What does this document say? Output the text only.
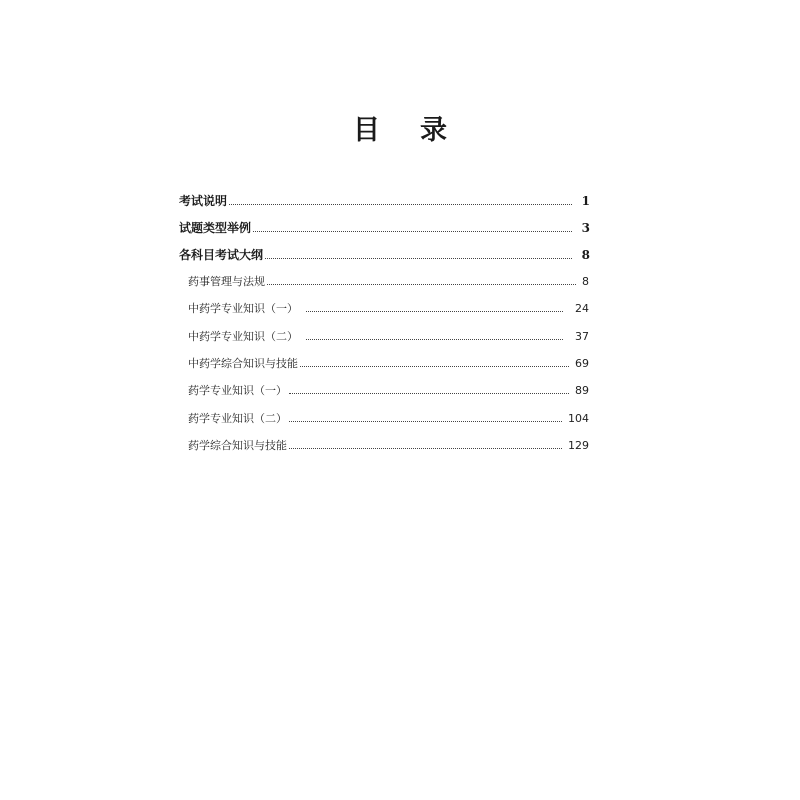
目 录
考试说明	1
试题类型举例	3
各科目考试大纲	8
药事管理与法规	8
中药学专业知识（一）	24
中药学专业知识（二）	37
中药学综合知识与技能	69
药学专业知识（一）	89
药学专业知识（二）	104
药学综合知识与技能	129
